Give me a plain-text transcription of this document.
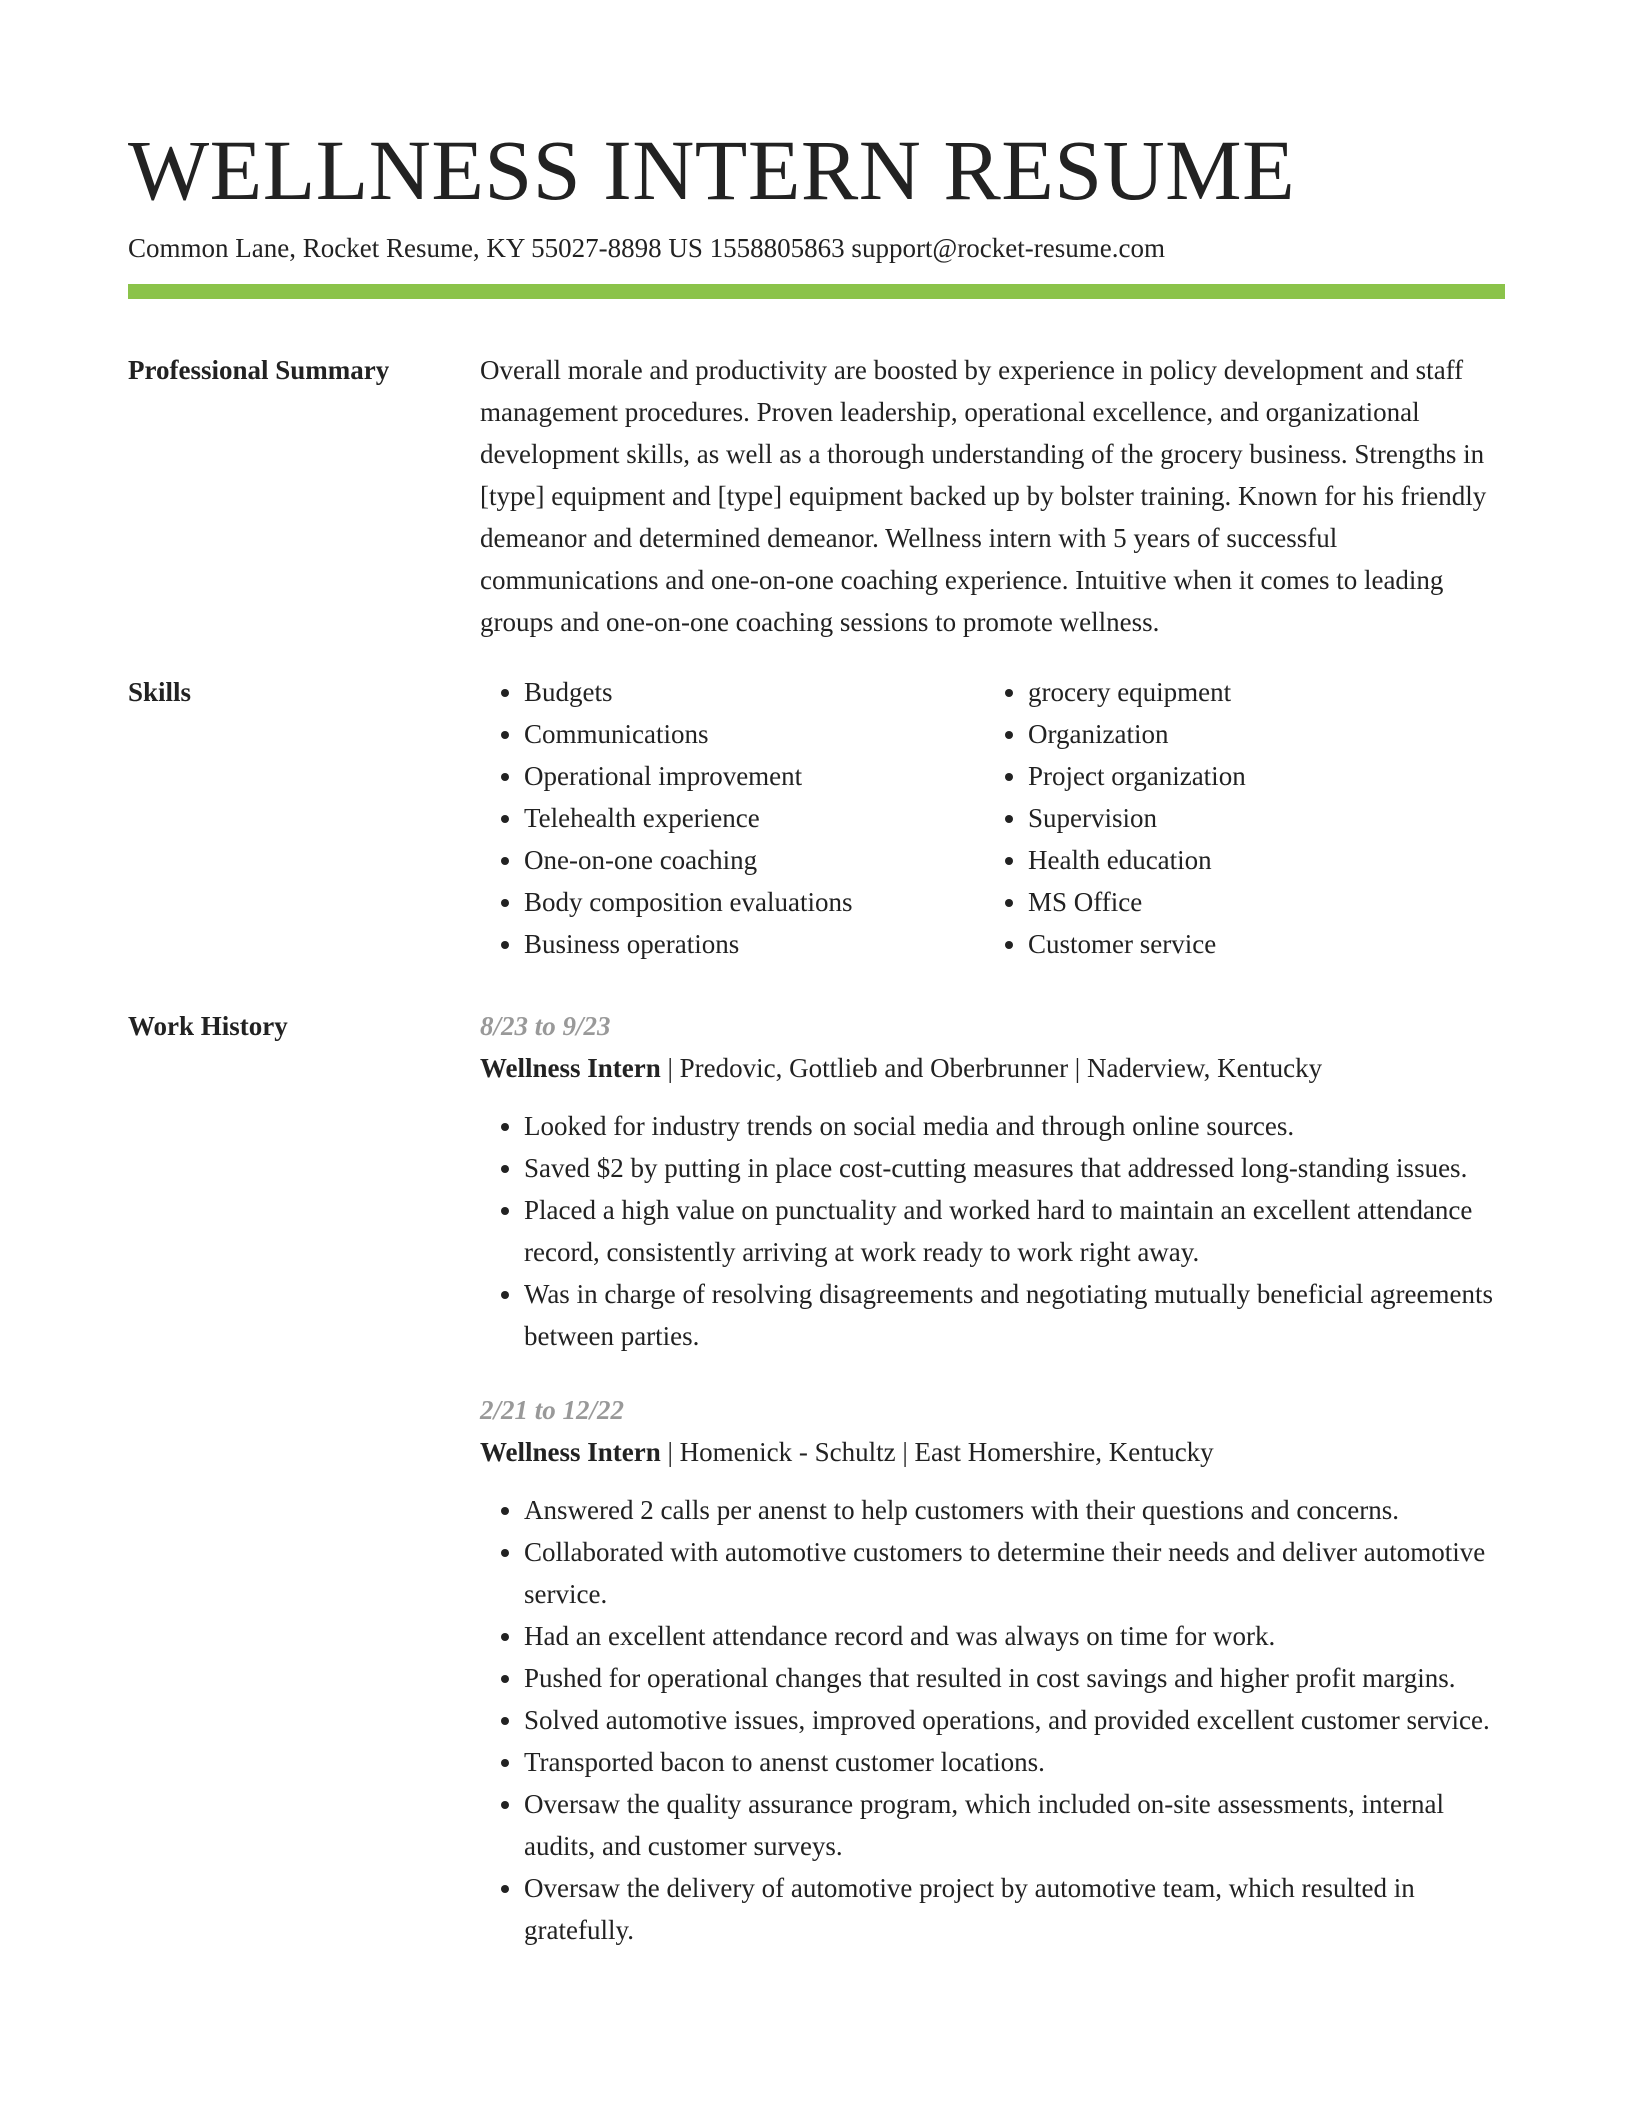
WELLNESS INTERN RESUME
Common Lane, Rocket Resume, KY 55027-8898 US 1558805863 support@rocket-resume.com
Professional Summary	Overall morale and productivity are boosted by experience in policy development and staff management procedures. Proven leadership, operational excellence, and organizational development skills, as well as a thorough understanding of the grocery business. Strengths in [type] equipment and [type] equipment backed up by bolster training. Known for his friendly demeanor and determined demeanor. Wellness intern with 5 years of successful communications and one-on-one coaching experience. Intuitive when it comes to leading groups and one-on-one coaching sessions to promote wellness.

Skills
•	Budgets
• Communications
• Operational improvement
• Telehealth experience
• One-on-one coaching
• Body composition evaluations
• Business operations
• grocery equipment
• Organization
• Project organization
• Supervision
• Health education
• MS Office
• Customer service
Work History	8/23 to 9/23
Wellness Intern | Predovic, Gottlieb and Oberbrunner | Naderview, Kentucky
• Looked for industry trends on social media and through online sources.
• Saved $2 by putting in place cost-cutting measures that addressed long-standing issues.
• Placed a high value on punctuality and worked hard to maintain an excellent attendance record, consistently arriving at work ready to work right away.
• Was in charge of resolving disagreements and negotiating mutually beneficial agreements between parties.
2/21 to 12/22
Wellness Intern | Homenick - Schultz | East Homershire, Kentucky
• Answered 2 calls per anenst to help customers with their questions and concerns.
• Collaborated with automotive customers to determine their needs and deliver automotive service.
• Had an excellent attendance record and was always on time for work.
• Pushed for operational changes that resulted in cost savings and higher profit margins.
• Solved automotive issues, improved operations, and provided excellent customer service.
• Transported bacon to anenst customer locations.
• Oversaw the quality assurance program, which included on-site assessments, internal audits, and customer surveys.
• Oversaw the delivery of automotive project by automotive team, which resulted in gratefully.
